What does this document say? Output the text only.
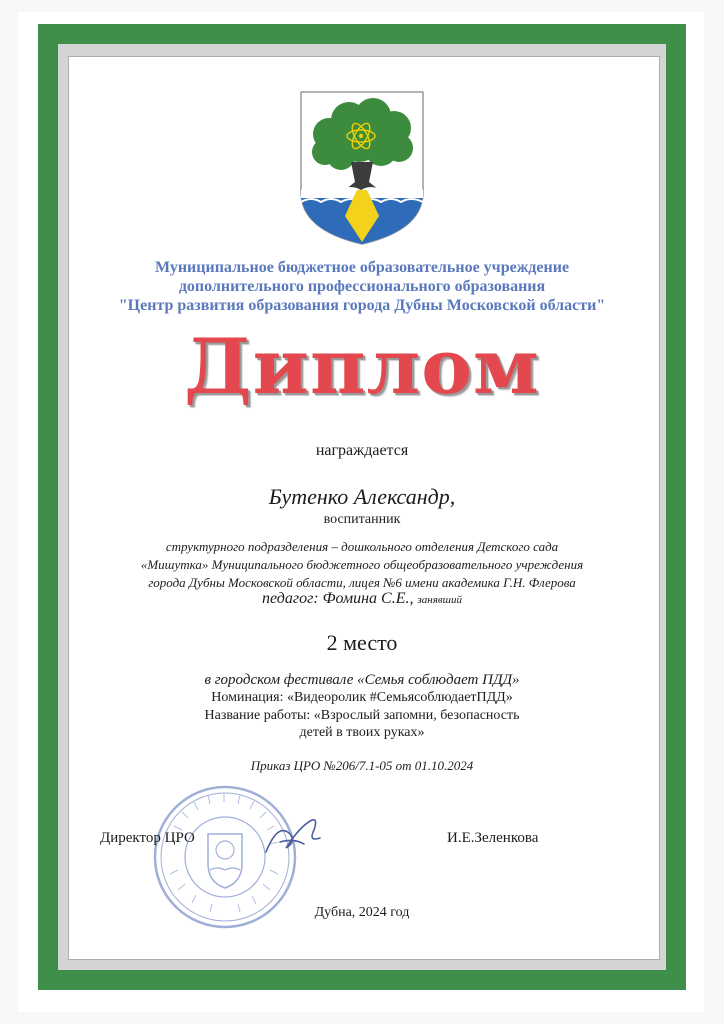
Муниципальное бюджетное образовательное учреждение
дополнительного профессионального образования
"Центр развития образования города Дубны Московской области"
Диплом
награждается
Бутенко Александр,
воспитанник
структурного подразделения – дошкольного отделения Детского сада
«Мишутка» Муниципального бюджетного общеобразовательного учреждения
города Дубны Московской области, лицея №6 имени академика Г.Н. Флерова
педагог: Фомина С.Е., занявший
2 место
в городском фестивале «Семья соблюдает ПДД»
Номинация: «Видеоролик #СемьясоблюдаетПДД»
Название работы: «Взрослый запомни, безопасность
детей в твоих руках»
Приказ ЦРО №206/7.1-05 от 01.10.2024
Директор ЦРО	И.Е.Зеленкова
Дубна, 2024 год
